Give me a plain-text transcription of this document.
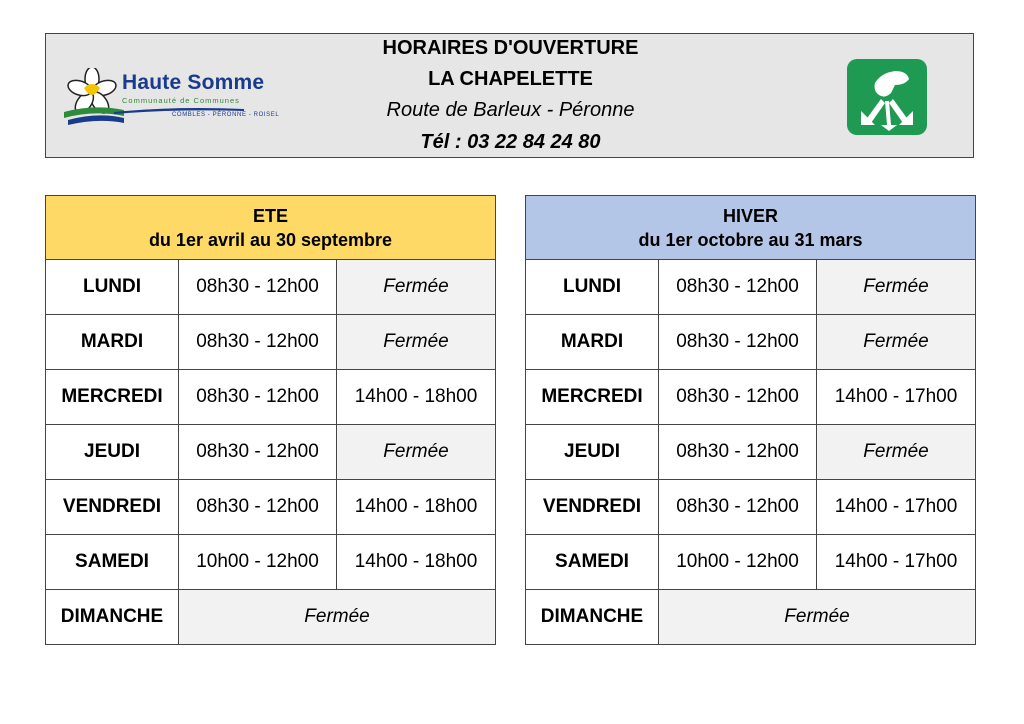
Haute Somme
Communauté de Communes
COMBLES - PÉRONNE - ROISEL
HORAIRES D'OUVERTURE
LA CHAPELETTE
Route de Barleux - Péronne
Tél : 03 22 84 24 80
ETE
du 1er avril au 30 septembre		

LUNDI	08h30 - 12h00	Fermée
MARDI	08h30 - 12h00	Fermée
MERCREDI	08h30 - 12h00	14h00 - 18h00
JEUDI	08h30 - 12h00	Fermée
VENDREDI	08h30 - 12h00	14h00 - 18h00
SAMEDI	10h00 - 12h00	14h00 - 18h00
DIMANCHE	Fermée	
HIVER
du 1er octobre au 31 mars		

LUNDI	08h30 - 12h00	Fermée
MARDI	08h30 - 12h00	Fermée
MERCREDI	08h30 - 12h00	14h00 - 17h00
JEUDI	08h30 - 12h00	Fermée
VENDREDI	08h30 - 12h00	14h00 - 17h00
SAMEDI	10h00 - 12h00	14h00 - 17h00
DIMANCHE	Fermée	
